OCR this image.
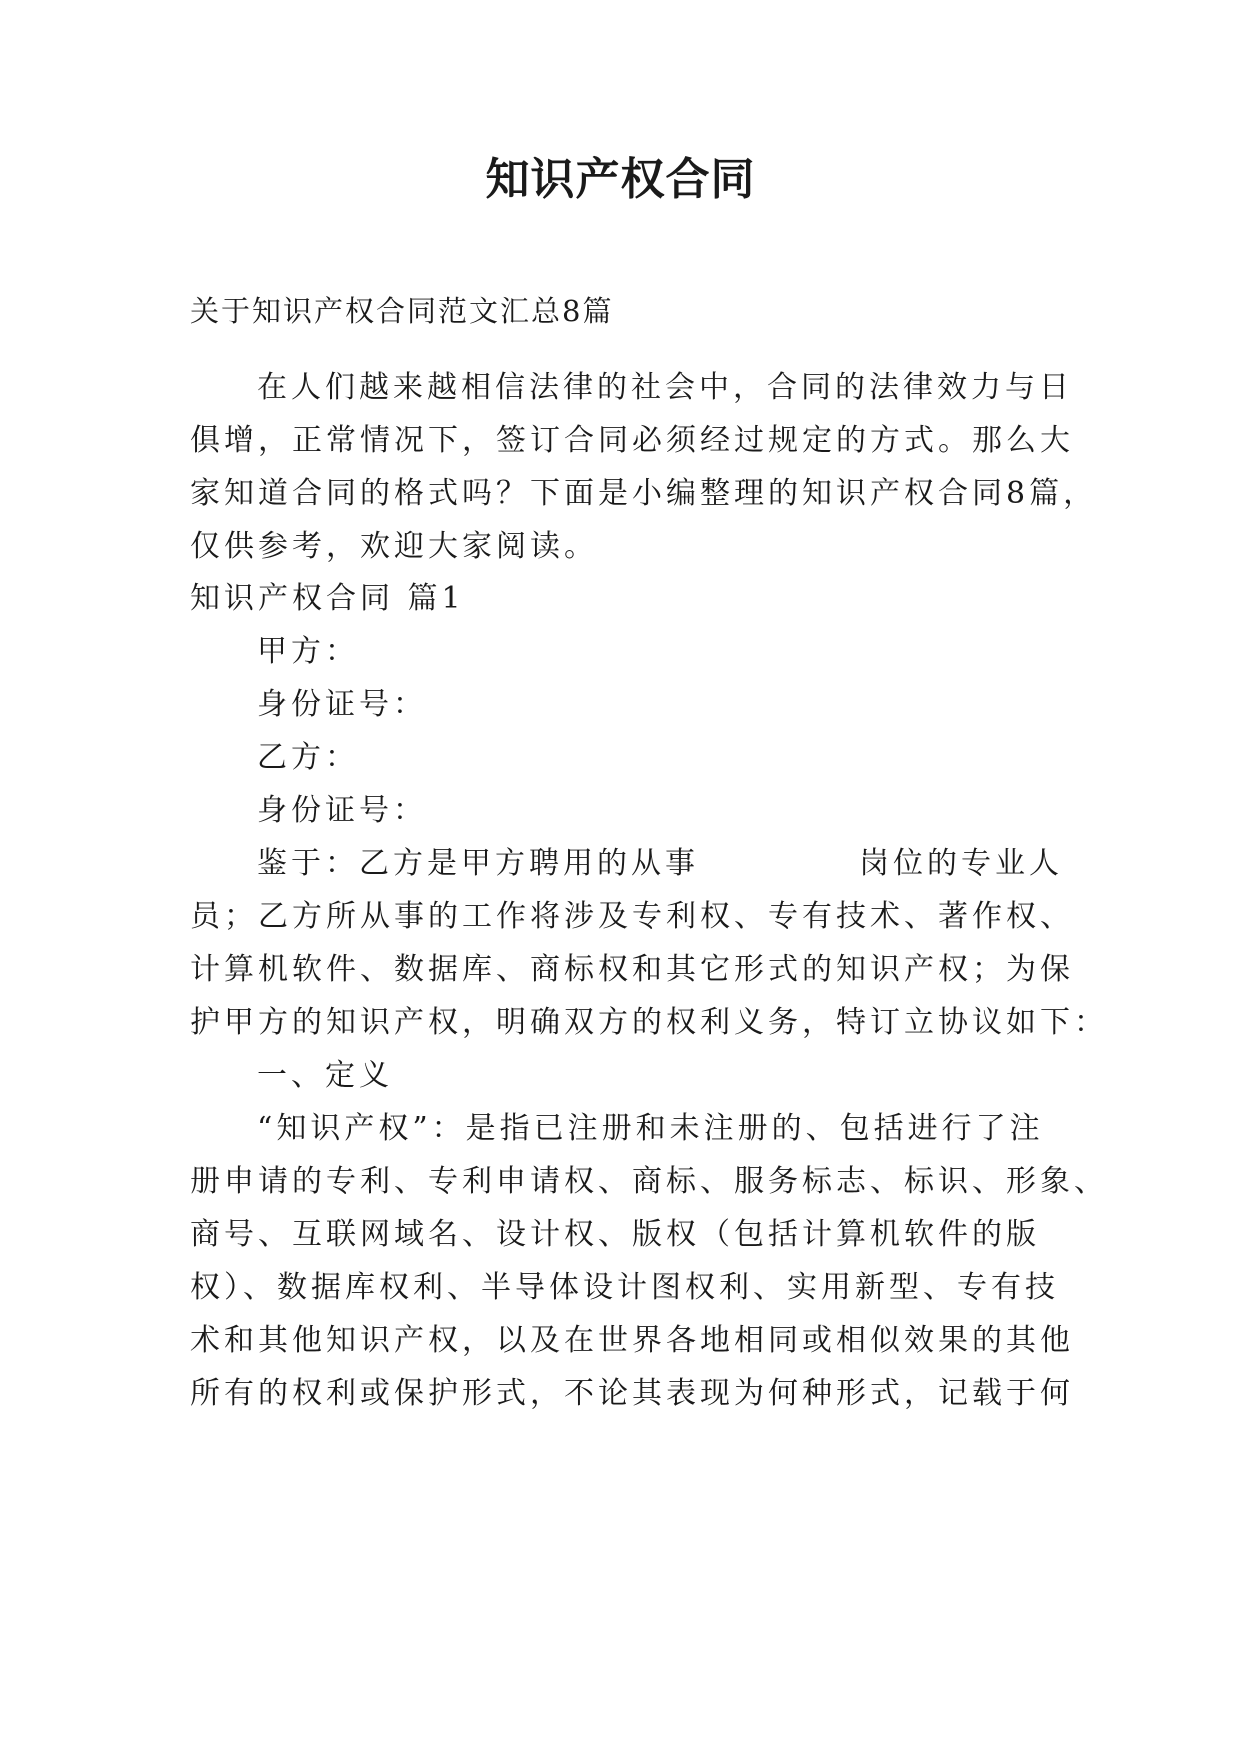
知识产权合同
关于知识产权合同范文汇总8篇
在人们越来越相信法律的社会中，合同的法律效力与日
俱增，正常情况下，签订合同必须经过规定的方式。那么大
家知道合同的格式吗？下面是小编整理的知识产权合同8篇，
仅供参考，欢迎大家阅读。
知识产权合同 篇1
甲方：
身份证号：
乙方：
身份证号：
鉴于：乙方是甲方聘用的从事	岗位的专业人
员；乙方所从事的工作将涉及专利权、专有技术、著作权、
计算机软件、数据库、商标权和其它形式的知识产权；为保
护甲方的知识产权，明确双方的权利义务，特订立协议如下：
一、定义
“知识产权”：是指已注册和未注册的、包括进行了注
册申请的专利、专利申请权、商标、服务标志、标识、形象、
商号、互联网域名、设计权、版权（包括计算机软件的版
权）、数据库权利、半导体设计图权利、实用新型、专有技
术和其他知识产权，以及在世界各地相同或相似效果的其他
所有的权利或保护形式，不论其表现为何种形式，记载于何
